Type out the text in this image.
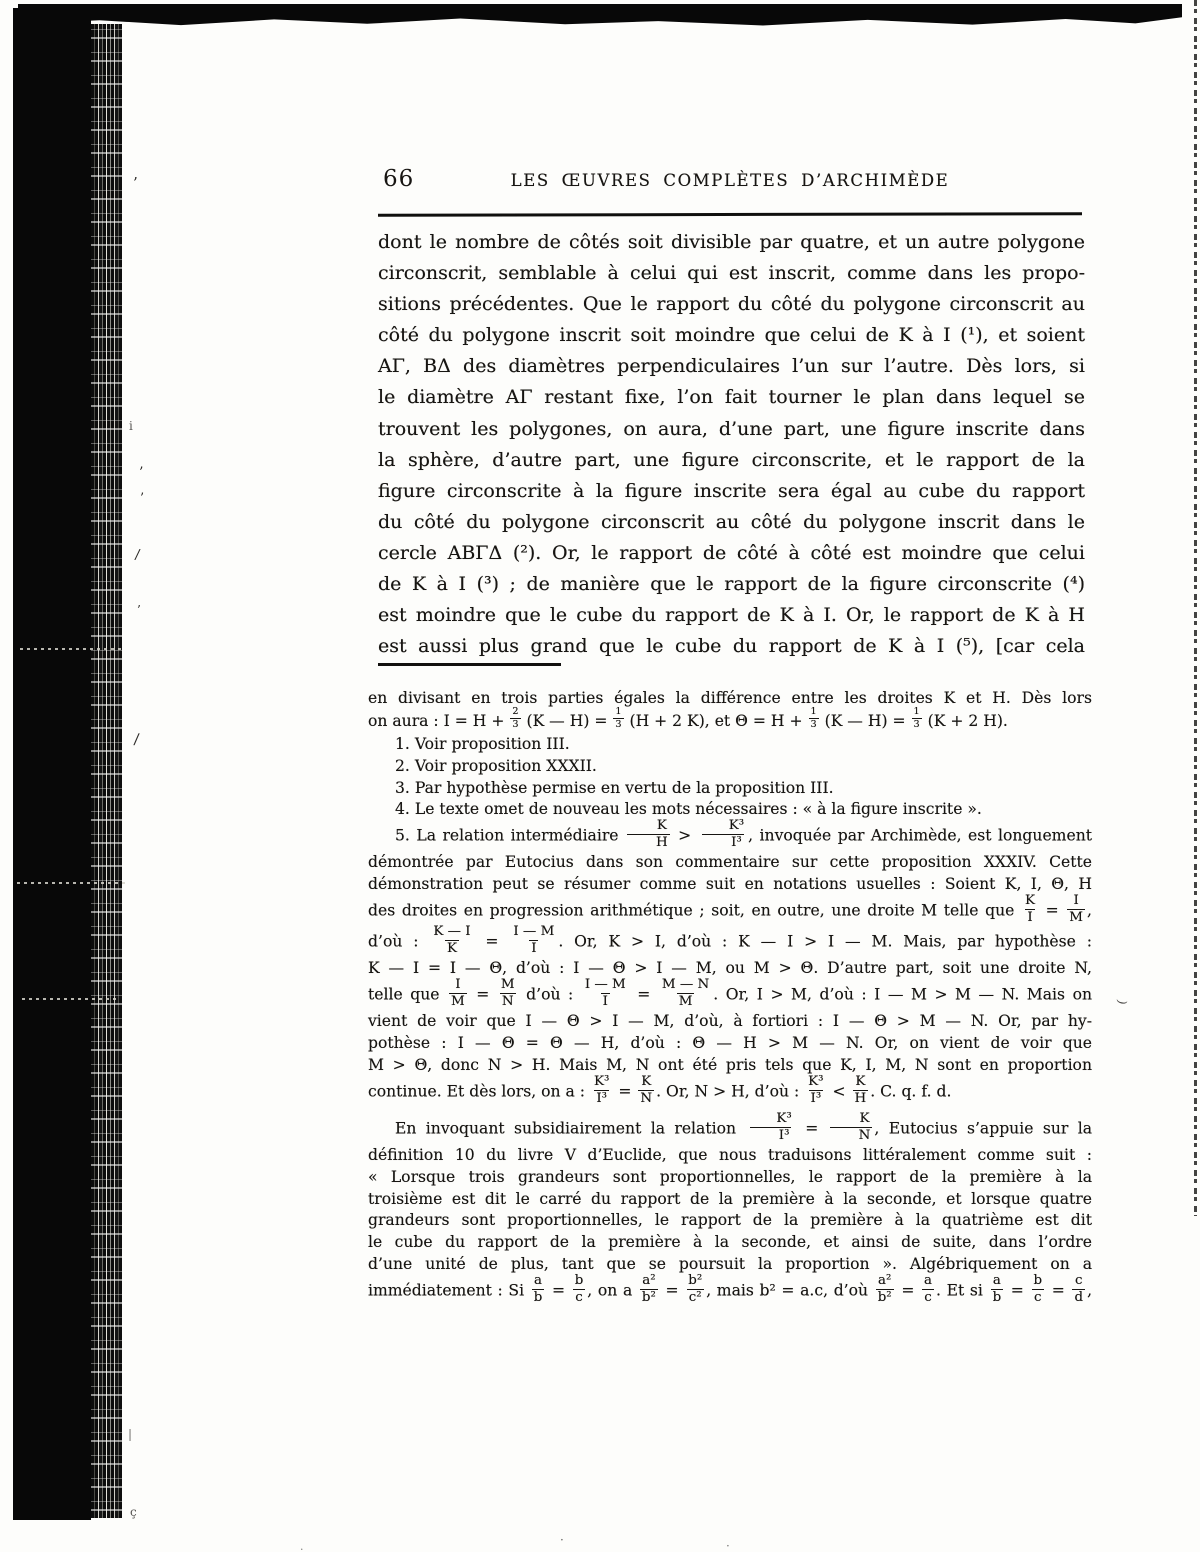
66	LES ŒUVRES COMPLÈTES D’ARCHIMÈDE
dont le nombre de côtés soit divisible par quatre, et un autre polygone
circonscrit, semblable à celui qui est inscrit, comme dans les propo-
sitions précédentes. Que le rapport du côté du polygone circonscrit au
côté du polygone inscrit soit moindre que celui de K à I (¹), et soient
AΓ, BΔ des diamètres perpendiculaires l’un sur l’autre. Dès lors, si
le diamètre AΓ restant fixe, l’on fait tourner le plan dans lequel se
trouvent les polygones, on aura, d’une part, une figure inscrite dans
la sphère, d’autre part, une figure circonscrite, et le rapport de la
figure circonscrite à la figure inscrite sera égal au cube du rapport
du côté du polygone circonscrit au côté du polygone inscrit dans le
cercle ABΓΔ (²). Or, le rapport de côté à côté est moindre que celui
de K à I (³) ; de manière que le rapport de la figure circonscrite (⁴)
est moindre que le cube du rapport de K à I. Or, le rapport de K à H
est aussi plus grand que le cube du rapport de K à I (⁵), [car cela
en divisant en trois parties égales la différence entre les droites K et H. Dès lors
on aura : $I = H + \frac{2}{3} (K$ — $H) = \frac{1}{3} (H + 2$ K), et $\Theta = H + \frac{1}{3} (K$ — $H) = \frac{1}{3} (K + 2$ H).
1. Voir proposition III.
2. Voir proposition XXXII.
3. Par hypothèse permise en vertu de la proposition III.
4. Le texte omet de nouveau les mots nécessaires : « à la figure inscrite ».
5. La relation intermédiaire $\frac{K}{H} > \frac{\text{K³}}{\text{I³}}$ , invoquée par Archimède, est longuement
démontrée par Eutocius dans son commentaire sur cette proposition XXXIV. Cette
démonstration peut se résumer comme suit en notations usuelles : Soient K, I, Θ, H
des droites en progression arithmétique ; soit, en outre, une droite M telle que $\frac{K}{I} = \frac{I}{M}$ ,
d’où : $\frac{K — I}{K} = \frac{I — M}{I}$ . Or, K > I, d’où : K — I > I — M. Mais, par hypothèse :
K — I = I — Θ, d’où : I — Θ > I — M, ou M > Θ. D’autre part, soit une droite N,
telle que $\frac{I}{M} = \frac{M}{N}$ d’où : $\frac{I — M}{I} = \frac{M — N}{M}$ . Or, I > M, d’où : I — M > M — N. Mais on
vient de voir que I — Θ > I — M, d’où, à fortiori : I — Θ > M — N. Or, par hy-
pothèse : I — Θ = Θ — H, d’où : Θ — H > M — N. Or, on vient de voir que
M > Θ, donc N > H. Mais M, N ont été pris tels que K, I, M, N sont en proportion
continue. Et dès lors, on a : $\frac{\text{K³}}{\text{I³}} = \frac{K}{N}$ . Or, N > H, d’où : $\frac{\text{K³}}{\text{I³}} < \frac{K}{H}$ . C. q. f. d.
En invoquant subsidiairement la relation $\frac{\text{K³}}{\text{I³}} = \frac{K}{N}$ , Eutocius s’appuie sur la
définition 10 du livre V d’Euclide, que nous traduisons littéralement comme suit :
« Lorsque trois grandeurs sont proportionnelles, le rapport de la première à la
troisième est dit le carré du rapport de la première à la seconde, et lorsque quatre
grandeurs sont proportionnelles, le rapport de la première à la quatrième est dit
le cube du rapport de la première à la seconde, et ainsi de suite, dans l’ordre
d’une unité de plus, tant que se poursuit la proportion ». Algébriquement on a
immédiatement : Si $\frac{a}{b} = \frac{b}{c}$ , on a $\frac{\text{a²}}{\text{b²}} = \frac{\text{b²}}{\text{c²}}$ , mais b² = a.c, d’où $\frac{\text{a²}}{\text{b²}} = \frac{a}{c}$ . Et si $\frac{a}{b} = \frac{b}{c} = \frac{c}{d}$ ,
’
i
’
’
/
’
/
(
|
ç
·	·
·
